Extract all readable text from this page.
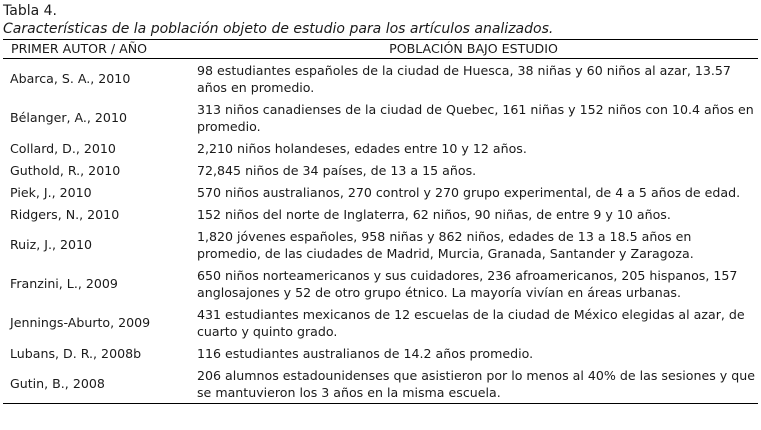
Tabla 4.
Características de la población objeto de estudio para los artículos analizados.
PRIMER AUTOR / AÑO	POBLACIÓN BAJO ESTUDIO
Abarca, S. A., 2010	98 estudiantes españoles de la ciudad de Huesca, 38 niñas y 60 niños al azar, 13.57 años en promedio.
Bélanger, A., 2010	313 niños canadienses de la ciudad de Quebec, 161 niñas y 152 niños con 10.4 años en promedio.
Collard, D., 2010	2,210 niños holandeses, edades entre 10 y 12 años.
Guthold, R., 2010	72,845 niños de 34 países, de 13 a 15 años.
Piek, J., 2010	570 niños australianos, 270 control y 270 grupo experimental, de 4 a 5 años de edad.
Ridgers, N., 2010	152 niños del norte de Inglaterra, 62 niños, 90 niñas, de entre 9 y 10 años.
Ruiz, J., 2010	1,820 jóvenes españoles, 958 niñas y 862 niños, edades de 13 a 18.5 años en promedio, de las ciudades de Madrid, Murcia, Granada, Santander y Zaragoza.
Franzini, L., 2009	650 niños norteamericanos y sus cuidadores, 236 afroamericanos, 205 hispanos, 157 anglosajones y 52 de otro grupo étnico. La mayoría vivían en áreas urbanas.
Jennings-Aburto, 2009	431 estudiantes mexicanos de 12 escuelas de la ciudad de México elegidas al azar, de cuarto y quinto grado.
Lubans, D. R., 2008b	116 estudiantes australianos de 14.2 años promedio.
Gutin, B., 2008	206 alumnos estadounidenses que asistieron por lo menos al 40% de las sesiones y que se mantuvieron los 3 años en la misma escuela.
